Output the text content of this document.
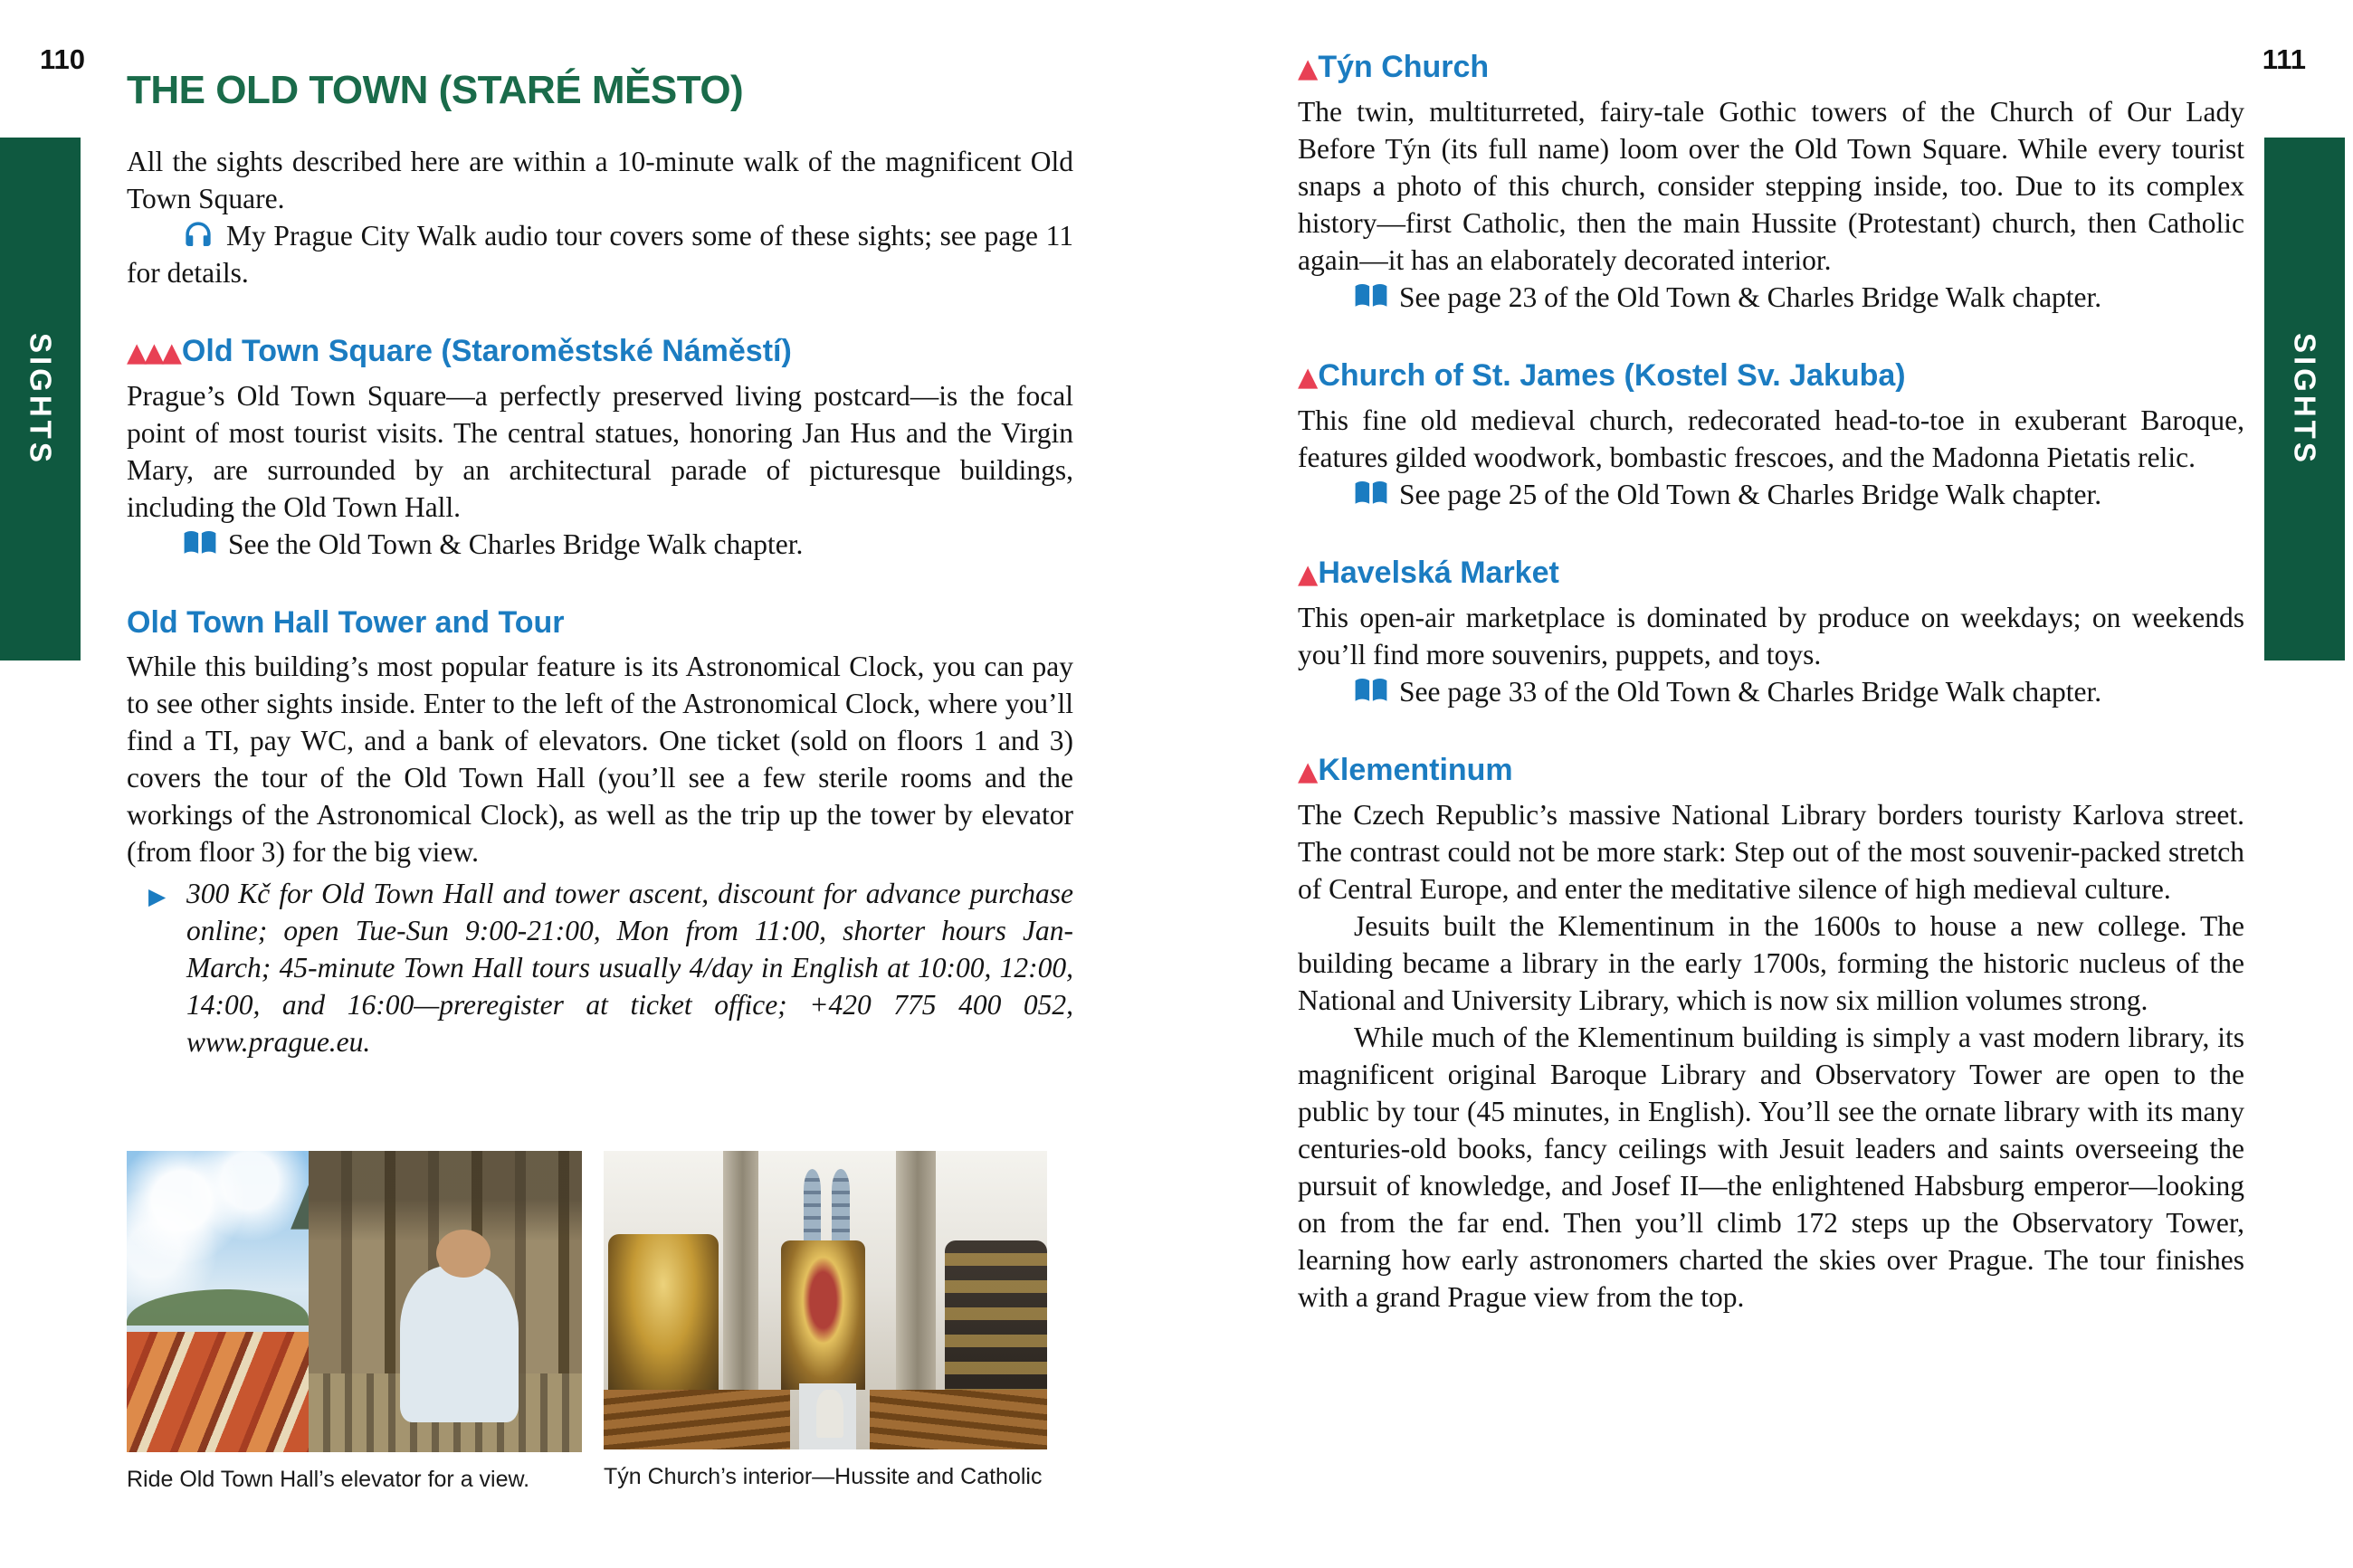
SIGHTS	SIGHTS
110	111
THE OLD TOWN (STARÉ MĚSTO)

All the sights described here are within a 10-minute walk of the magnificent Old Town Square.

My Prague City Walk audio tour covers some of these sights; see page 11 for details.

▲▲▲Old Town Square (Staroměstské Náměstí)

Prague’s Old Town Square—a perfectly preserved living postcard—is the focal point of most tourist visits. The central statues, honoring Jan Hus and the Virgin Mary, are surrounded by an architectural parade of picturesque buildings, including the Old Town Hall.

See the Old Town & Charles Bridge Walk chapter.

Old Town Hall Tower and Tour

While this building’s most popular feature is its Astronomical Clock, you can pay to see other sights inside. Enter to the left of the Astronomical Clock, where you’ll find a TI, pay WC, and a bank of elevators. One ticket (sold on floors 1 and 3) covers the tour of the Old Town Hall (you’ll see a few sterile rooms and the workings of the Astronomical Clock), as well as the trip up the tower by elevator (from floor 3) for the big view.

▶ 300 Kč for Old Town Hall and tower ascent, discount for advance purchase online; open Tue-Sun 9:00-21:00, Mon from 11:00, shorter hours Jan-March; 45-minute Town Hall tours usually 4/day in English at 10:00, 12:00, 14:00, and 16:00—preregister at ticket office; +420 775 400 052, www.prague.eu.
Ride Old Town Hall’s elevator for a view.	Týn Church’s interior—Hussite and Catholic
▲Týn Church

The twin, multiturreted, fairy-tale Gothic towers of the Church of Our Lady Before Týn (its full name) loom over the Old Town Square. While every tourist snaps a photo of this church, consider stepping inside, too. Due to its complex history—first Catholic, then the main Hussite (Protestant) church, then Catholic again—it has an elaborately decorated interior.

See page 23 of the Old Town & Charles Bridge Walk chapter.

▲Church of St. James (Kostel Sv. Jakuba)

This fine old medieval church, redecorated head-to-toe in exuberant Baroque, features gilded woodwork, bombastic frescoes, and the Madonna Pietatis relic.

See page 25 of the Old Town & Charles Bridge Walk chapter.

▲Havelská Market

This open-air marketplace is dominated by produce on weekdays; on weekends you’ll find more souvenirs, puppets, and toys.

See page 33 of the Old Town & Charles Bridge Walk chapter.

▲Klementinum

The Czech Republic’s massive National Library borders touristy Karlova street. The contrast could not be more stark: Step out of the most souvenir-packed stretch of Central Europe, and enter the meditative silence of high medieval culture.

Jesuits built the Klementinum in the 1600s to house a new college. The building became a library in the early 1700s, forming the historic nucleus of the National and University Library, which is now six million volumes strong.

While much of the Klementinum building is simply a vast modern library, its magnificent original Baroque Library and Observatory Tower are open to the public by tour (45 minutes, in English). You’ll see the ornate library with its many centuries-old books, fancy ceilings with Jesuit leaders and saints overseeing the pursuit of knowledge, and Josef II—the enlightened Habsburg emperor—looking on from the far end. Then you’ll climb 172 steps up the Observatory Tower, learning how early astronomers charted the skies over Prague. The tour finishes with a grand Prague view from the top.
